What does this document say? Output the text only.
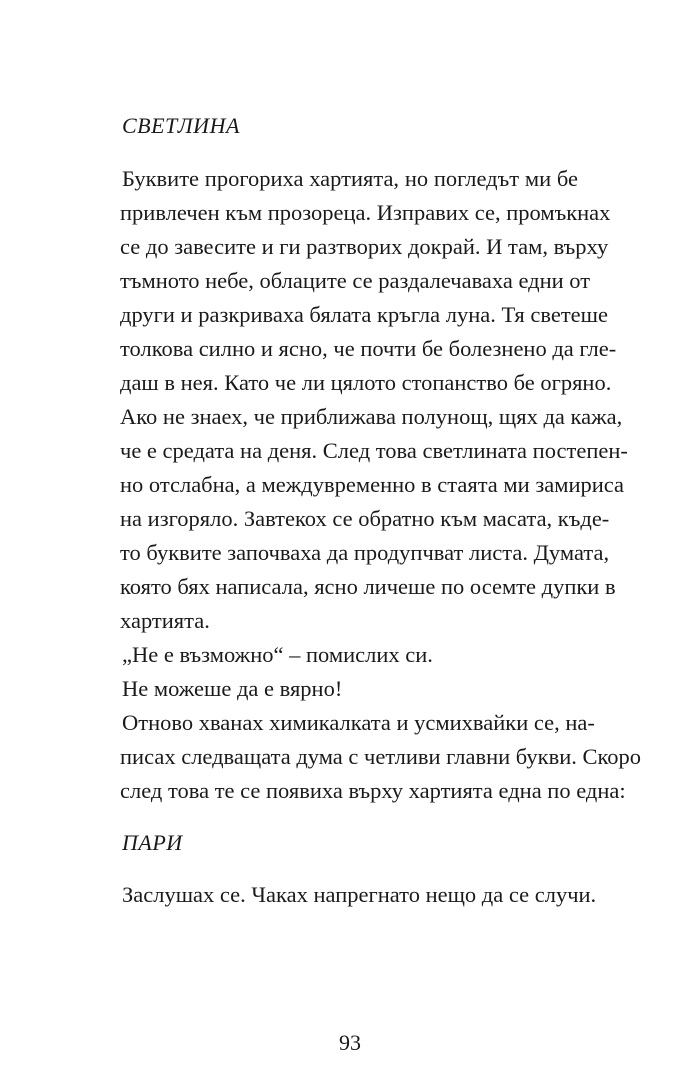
СВЕТЛИНА
Буквите прогориха хартията, но погледът ми бе
привлечен към прозореца. Изправих се, промъкнах
се до завесите и ги разтворих докрай. И там, върху
тъмното небе, облаците се раздалечаваха едни от
други и разкриваха бялата кръгла луна. Тя светеше
толкова силно и ясно, че почти бе болезнено да гле-
даш в нея. Като че ли цялото стопанство бе огряно.
Ако не знаех, че приближава полунощ, щях да кажа,
че е средата на деня. След това светлината постепен-
но отслабна, а междувременно в стаята ми замириса
на изгоряло. Завтекох се обратно към масата, къде-
то буквите започваха да продупчват листа. Думата,
която бях написала, ясно личеше по осемте дупки в
хартията.
„Не е възможно“ – помислих си.
Не можеше да е вярно!
Отново хванах химикалката и усмихвайки се, на-
писах следващата дума с четливи главни букви. Скоро
след това те се появиха върху хартията една по една:
ПАРИ
Заслушах се. Чаках напрегнато нещо да се случи.
93
